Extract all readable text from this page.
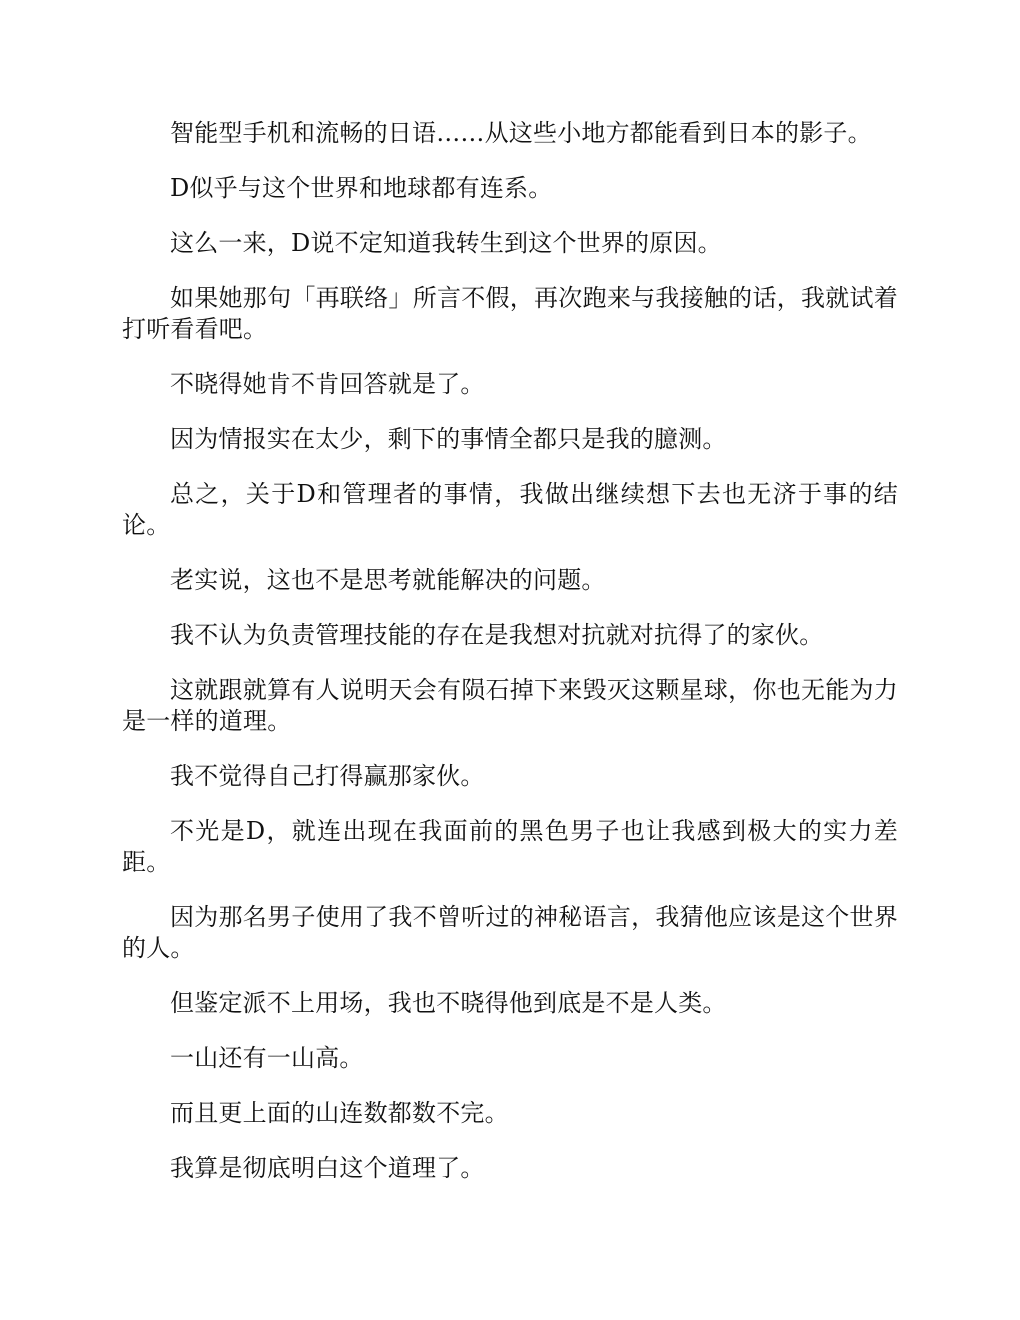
智能型手机和流畅的日语……从这些小地方都能看到日本的影子。

D似乎与这个世界和地球都有连系。

这么一来，D说不定知道我转生到这个世界的原因。

如果她那句「再联络」所言不假，再次跑来与我接触的话，我就试着打听看看吧。

不晓得她肯不肯回答就是了。

因为情报实在太少，剩下的事情全都只是我的臆测。

总之，关于D和管理者的事情，我做出继续想下去也无济于事的结论。

老实说，这也不是思考就能解决的问题。

我不认为负责管理技能的存在是我想对抗就对抗得了的家伙。

这就跟就算有人说明天会有陨石掉下来毁灭这颗星球，你也无能为力是一样的道理。

我不觉得自己打得赢那家伙。

不光是D，就连出现在我面前的黑色男子也让我感到极大的实力差距。

因为那名男子使用了我不曾听过的神秘语言，我猜他应该是这个世界的人。

但鉴定派不上用场，我也不晓得他到底是不是人类。

一山还有一山高。

而且更上面的山连数都数不完。

我算是彻底明白这个道理了。
